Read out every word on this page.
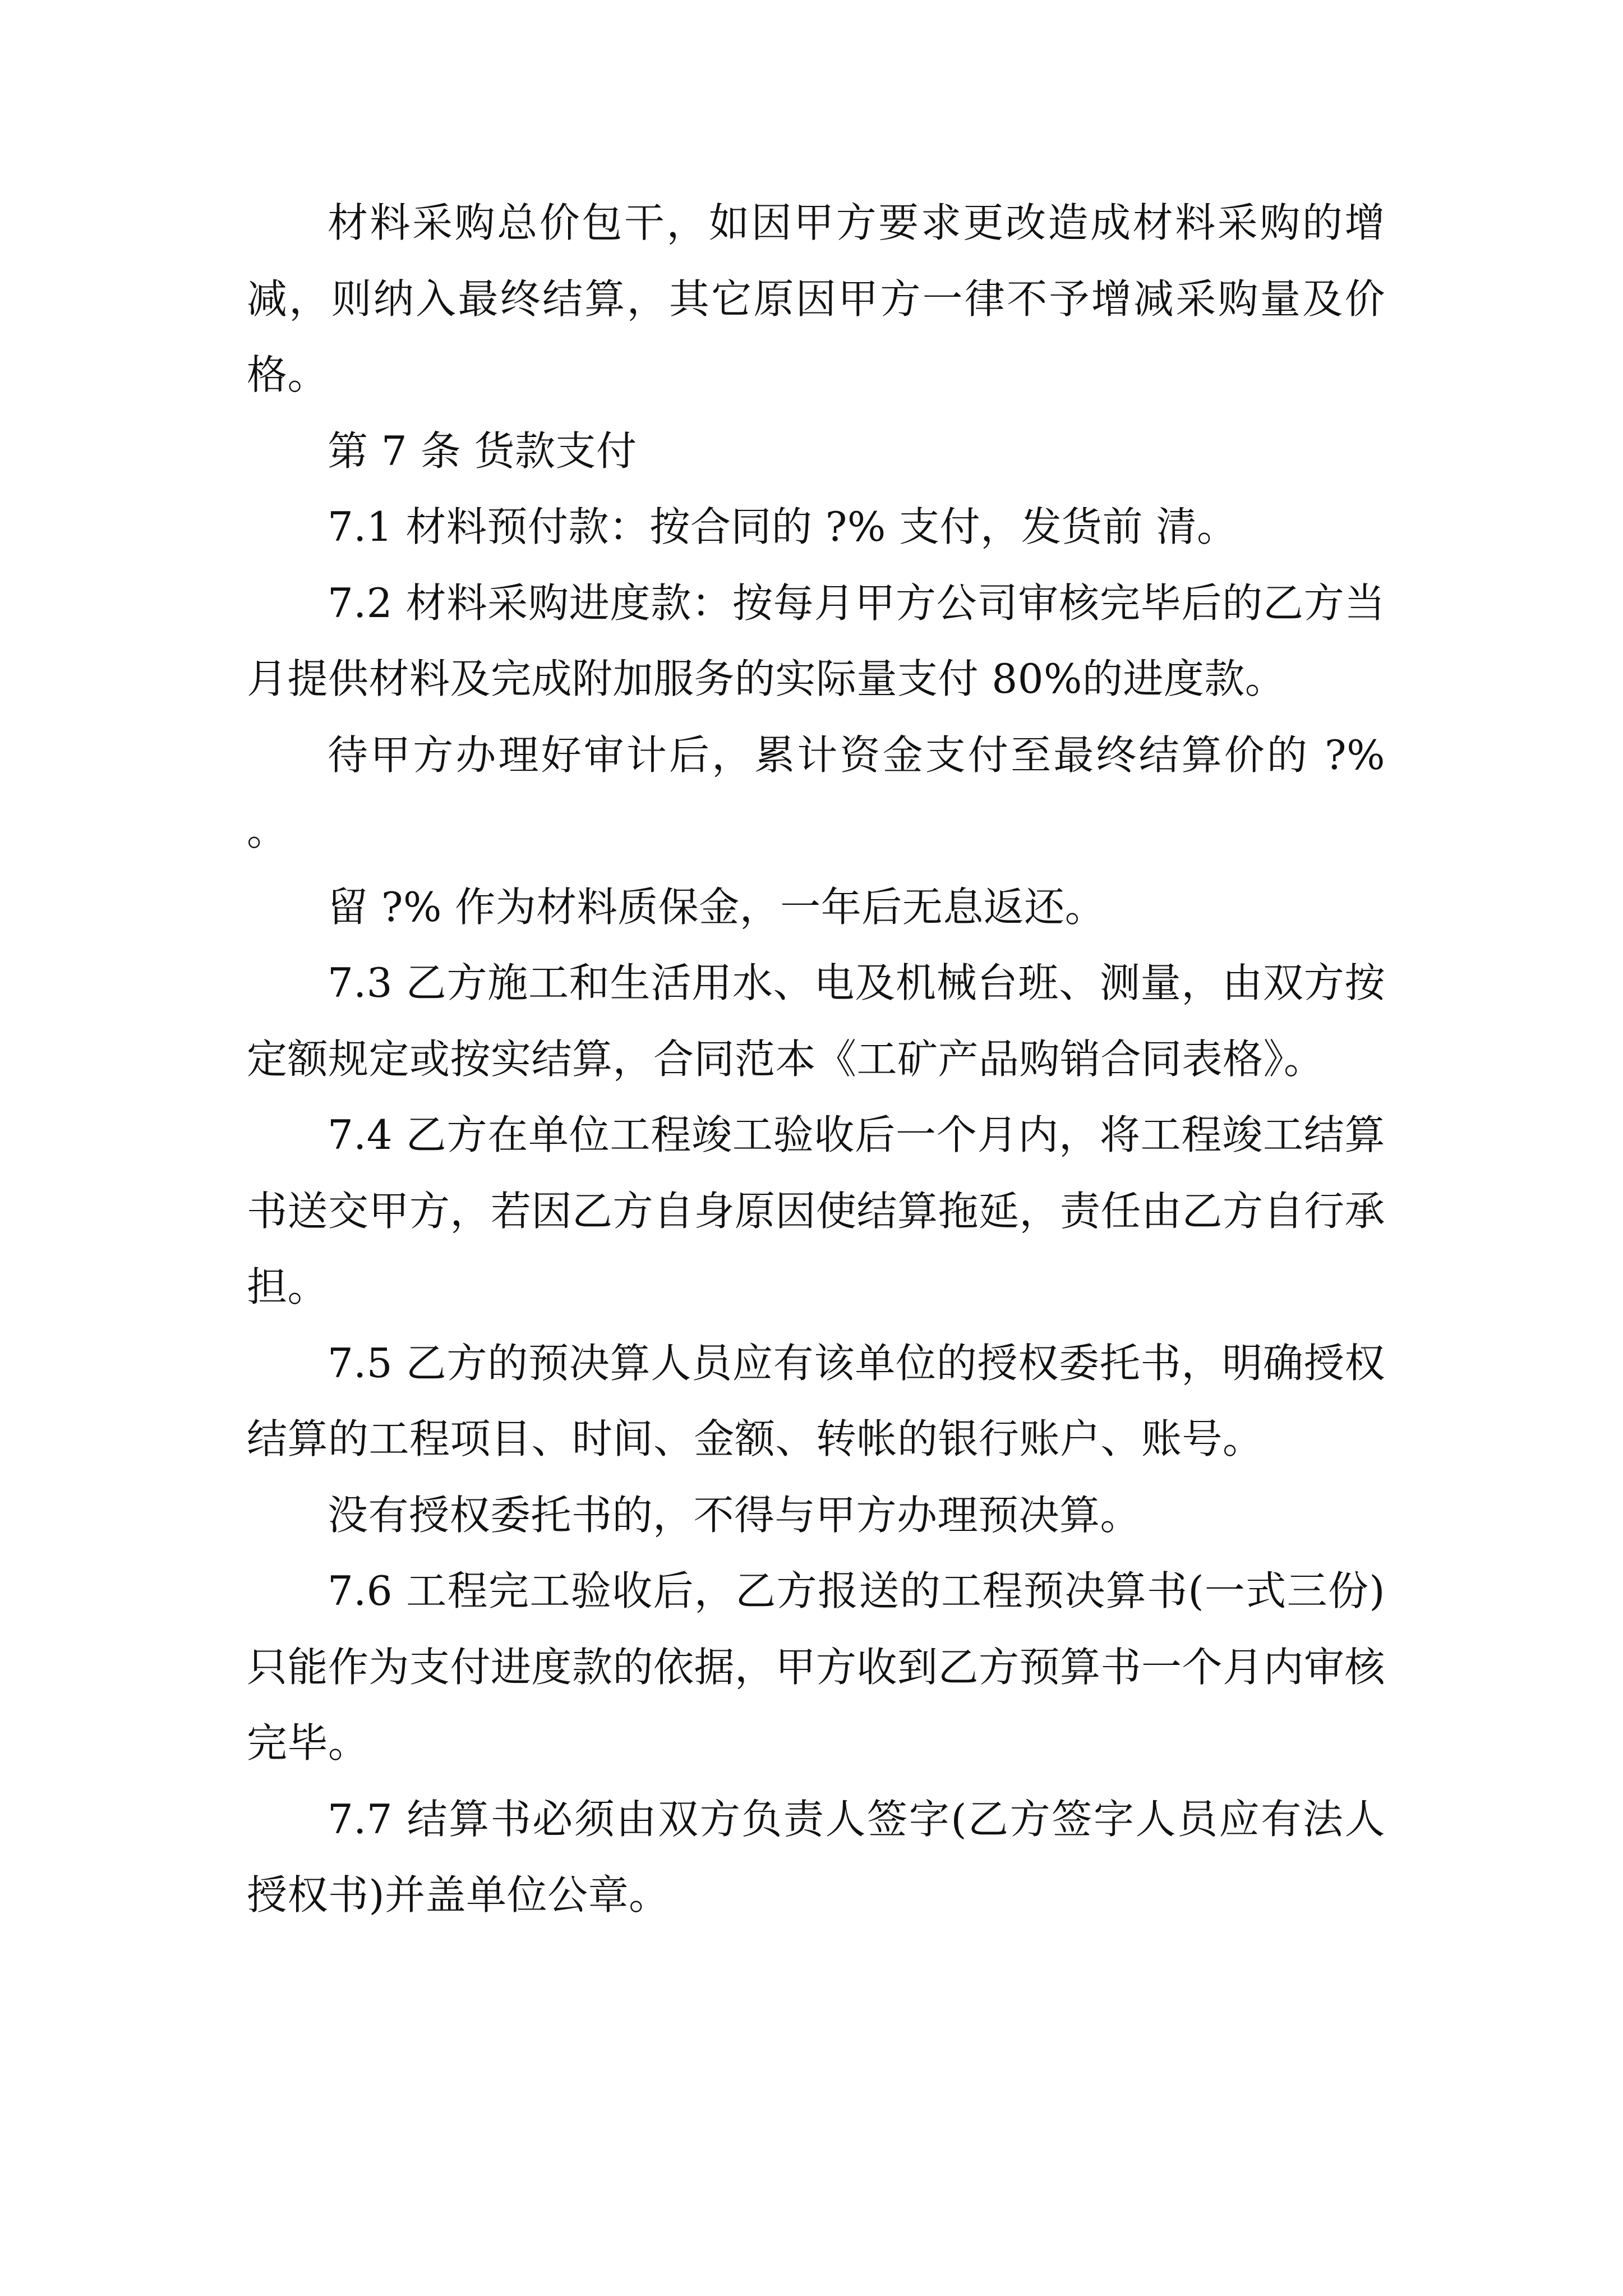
材料采购总价包干，如因甲方要求更改造成材料采购的增减，则纳入最终结算，其它原因甲方一律不予增减采购量及价格。

第 7 条 货款支付

7.1 材料预付款：按合同的 ?% 支付，发货前 清。

7.2 材料采购进度款：按每月甲方公司审核完毕后的乙方当月提供材料及完成附加服务的实际量支付 80%的进度款。

待甲方办理好审计后，累计资金支付至最终结算价的 ?% 。

留 ?% 作为材料质保金，一年后无息返还。

7.3 乙方施工和生活用水、电及机械台班、测量，由双方按定额规定或按实结算，合同范本《工矿产品购销合同表格》。

7.4 乙方在单位工程竣工验收后一个月内，将工程竣工结算书送交甲方，若因乙方自身原因使结算拖延，责任由乙方自行承担。

7.5 乙方的预决算人员应有该单位的授权委托书，明确授权结算的工程项目、时间、金额、转帐的银行账户、账号。

没有授权委托书的，不得与甲方办理预决算。

7.6 工程完工验收后，乙方报送的工程预决算书(一式三份)只能作为支付进度款的依据，甲方收到乙方预算书一个月内审核完毕。

7.7 结算书必须由双方负责人签字(乙方签字人员应有法人授权书)并盖单位公章。
